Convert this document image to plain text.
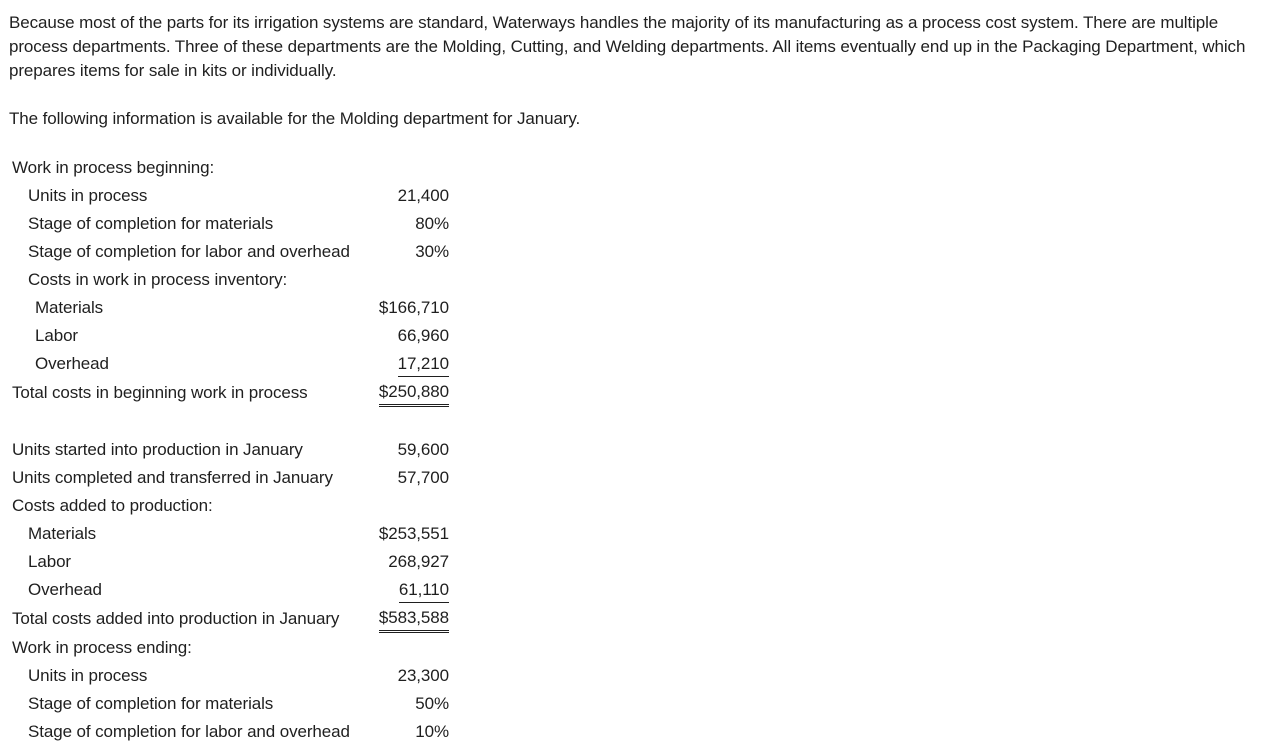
Because most of the parts for its irrigation systems are standard, Waterways handles the majority of its manufacturing as a process cost system. There are multiple process departments. Three of these departments are the Molding, Cutting, and Welding departments. All items eventually end up in the Packaging Department, which prepares items for sale in kits or individually.

The following information is available for the Molding department for January.

Work in process beginning:
Units in process	21,400
Stage of completion for materials	80%
Stage of completion for labor and overhead	30%
Costs in work in process inventory:
Materials	$166,710
Labor	66,960
Overhead	17,210
Total costs in beginning work in process	$250,880
Units started into production in January	59,600
Units completed and transferred in January	57,700
Costs added to production:
Materials	$253,551
Labor	268,927
Overhead	61,110
Total costs added into production in January $583,588
Work in process ending:
Units in process	23,300
Stage of completion for materials	50%
Stage of completion for labor and overhead	10%
